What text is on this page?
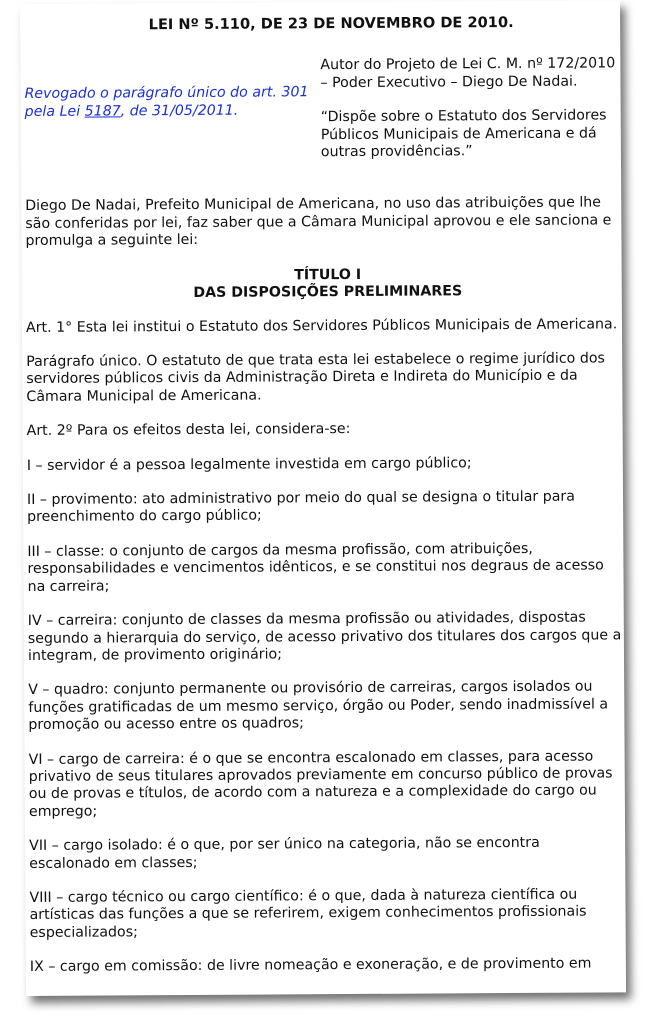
LEI Nº 5.110, DE 23 DE NOVEMBRO DE 2010.
Revogado o parágrafo único do art. 301 pela Lei 5187, de 31/05/2011.

Autor do Projeto de Lei C. M. nº 172/2010 – Poder Executivo – Diego De Nadai.

“Dispõe sobre o Estatuto dos Servidores Públicos Municipais de Americana e dá outras providências.”

Diego De Nadai, Prefeito Municipal de Americana, no uso das atribuições que lhe são conferidas por lei, faz saber que a Câmara Municipal aprovou e ele sanciona e promulga a seguinte lei:

TÍTULO I
DAS DISPOSIÇÕES PRELIMINARES

Art. 1° Esta lei institui o Estatuto dos Servidores Públicos Municipais de Americana.

Parágrafo único. O estatuto de que trata esta lei estabelece o regime jurídico dos servidores públicos civis da Administração Direta e Indireta do Município e da Câmara Municipal de Americana.

Art. 2º Para os efeitos desta lei, considera-se:

I – servidor é a pessoa legalmente investida em cargo público;

II – provimento: ato administrativo por meio do qual se designa o titular para preenchimento do cargo público;

III – classe: o conjunto de cargos da mesma profissão, com atribuições, responsabilidades e vencimentos idênticos, e se constitui nos degraus de acesso na carreira;

IV – carreira: conjunto de classes da mesma profissão ou atividades, dispostas segundo a hierarquia do serviço, de acesso privativo dos titulares dos cargos que a integram, de provimento originário;

V – quadro: conjunto permanente ou provisório de carreiras, cargos isolados ou funções gratificadas de um mesmo serviço, órgão ou Poder, sendo inadmissível a promoção ou acesso entre os quadros;

VI – cargo de carreira: é o que se encontra escalonado em classes, para acesso privativo de seus titulares aprovados previamente em concurso público de provas ou de provas e títulos, de acordo com a natureza e a complexidade do cargo ou emprego;

VII – cargo isolado: é o que, por ser único na categoria, não se encontra escalonado em classes;

VIII – cargo técnico ou cargo científico: é o que, dada à natureza científica ou artísticas das funções a que se referirem, exigem conhecimentos profissionais especializados;

IX – cargo em comissão: de livre nomeação e exoneração, e de provimento em
